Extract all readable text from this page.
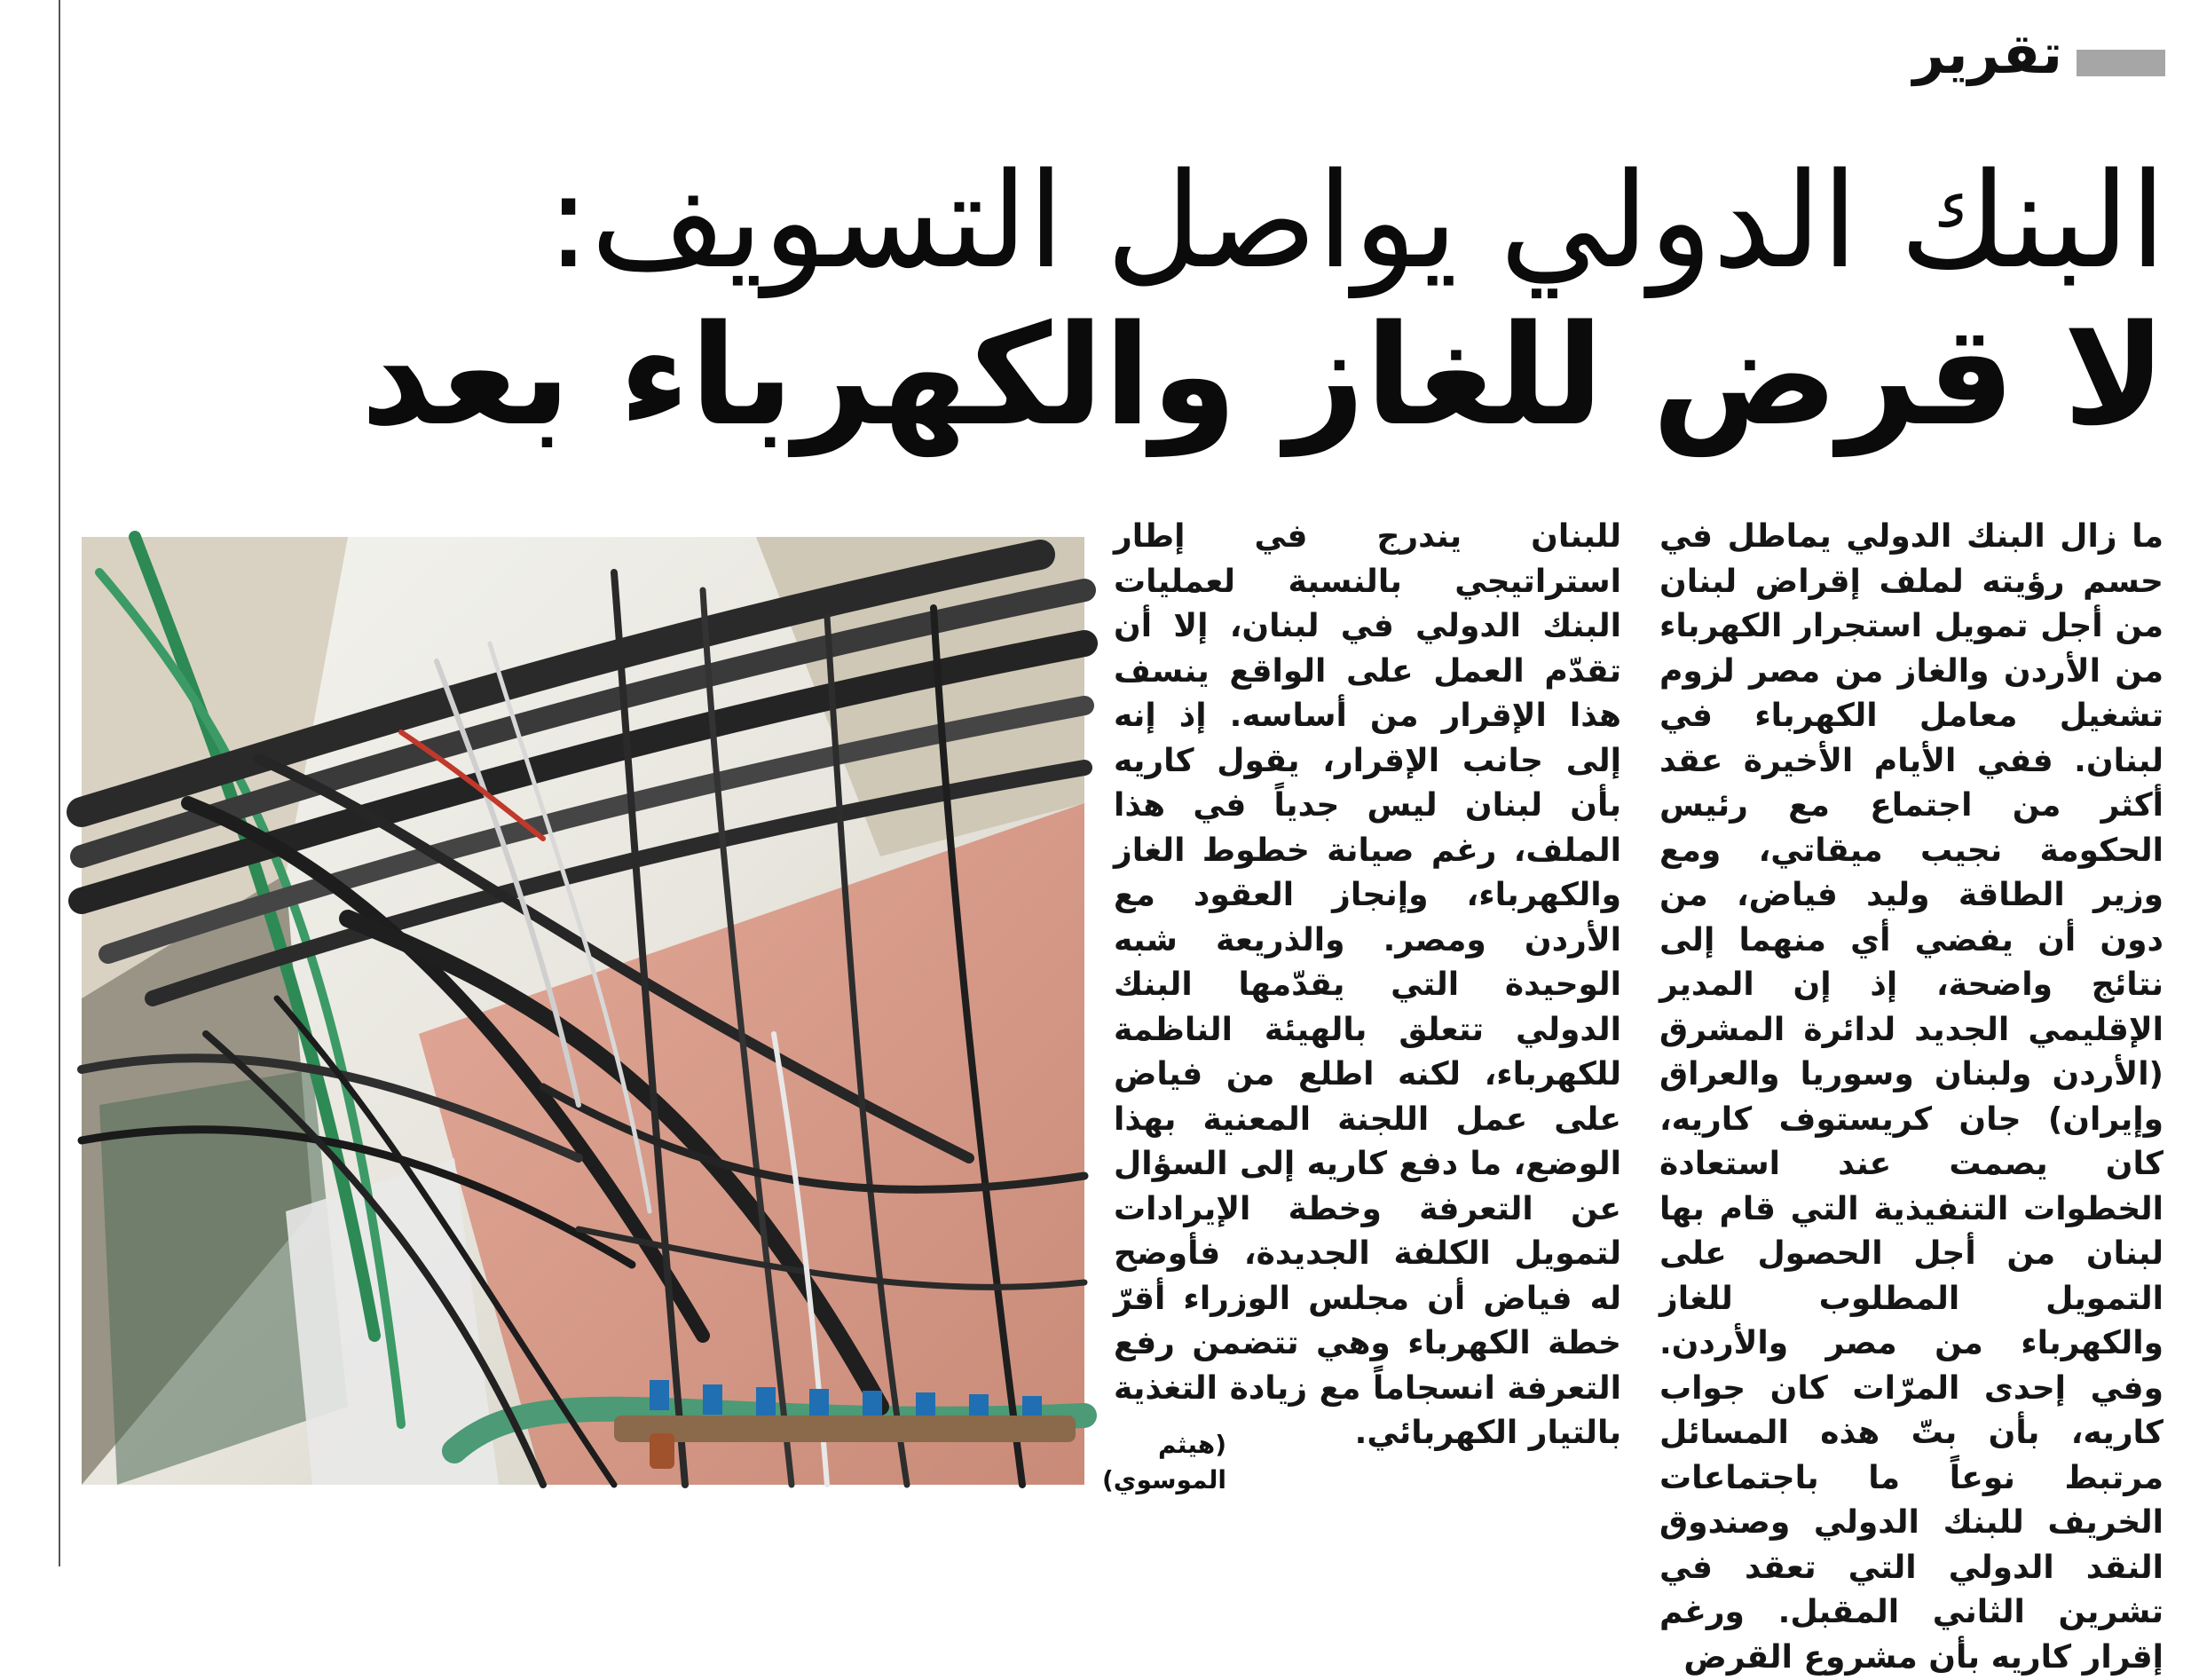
تقرير
البنك الدولي يواصل التسويف:
لا قرض للغاز والكهرباء بعد

ما زال البنك الدولي يماطل في حسم رؤيته لملف إقراض لبنان من أجل تمويل استجرار الكهرباء من الأردن والغاز من مصر لزوم تشغيل معامل الكهرباء في لبنان. ففي الأيام الأخيرة عقد أكثر من اجتماع مع رئيس الحكومة نجيب ميقاتي، ومع وزير الطاقة وليد فياض، من دون أن يفضي أي منهما إلى نتائج واضحة، إذ إن المدير الإقليمي الجديد لدائرة المشرق (الأردن ولبنان وسوريا والعراق وإيران) جان كريستوف كاريه، كان يصمت عند استعادة الخطوات التنفيذية التي قام بها لبنان من أجل الحصول على التمويل المطلوب للغاز والكهرباء من مصر والأردن. وفي إحدى المرّات كان جواب كاريه، بأن بتّ هذه المسائل مرتبط نوعاً ما باجتماعات الخريف للبنك الدولي وصندوق النقد الدولي التي تعقد في تشرين الثاني المقبل. ورغم إقرار كاريه بأن مشروع القرض

للبنان يندرج في إطار استراتيجي بالنسبة لعمليات البنك الدولي في لبنان، إلا أن تقدّم العمل على الواقع ينسف هذا الإقرار من أساسه. إذ إنه إلى جانب الإقرار، يقول كاريه بأن لبنان ليس جدياً في هذا الملف، رغم صيانة خطوط الغاز والكهرباء، وإنجاز العقود مع الأردن ومصر. والذريعة شبه الوحيدة التي يقدّمها البنك الدولي تتعلق بالهيئة الناظمة للكهرباء، لكنه اطلع من فياض على عمل اللجنة المعنية بهذا الوضع، ما دفع كاريه إلى السؤال عن التعرفة وخطة الإيرادات لتمويل الكلفة الجديدة، فأوضح له فياض أن مجلس الوزراء أقرّ خطة الكهرباء وهي تتضمن رفع التعرفة انسجاماً مع زيادة التغذية بالتيار الكهربائي.

(هيثم
الموسوي)
